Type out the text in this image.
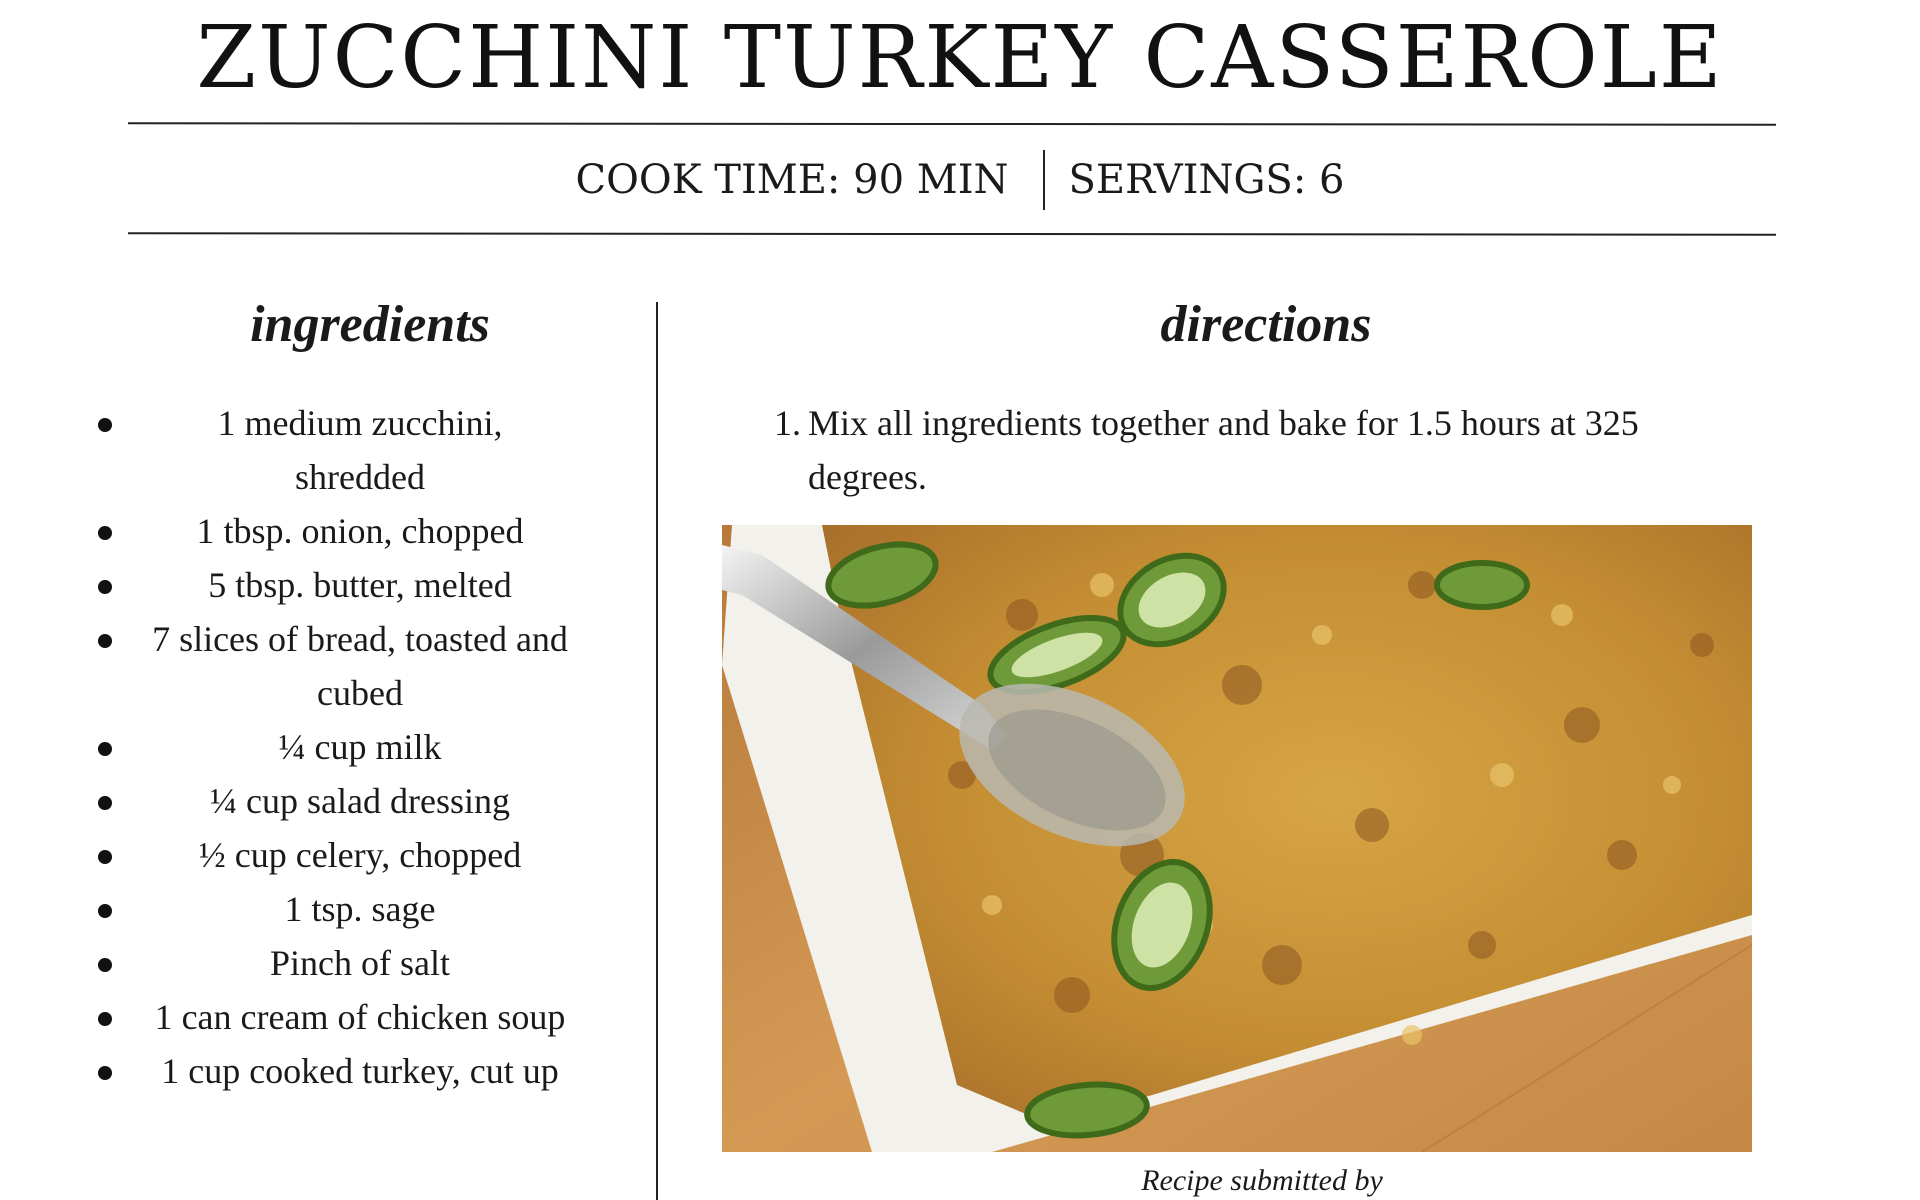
ZUCCHINI TURKEY CASSEROLE
COOK TIME: 90 MIN SERVINGS: 6
ingredients
1 medium zucchini, shredded
1 tbsp. onion, chopped
5 tbsp. butter, melted
7 slices of bread, toasted and cubed
¼ cup milk
¼ cup salad dressing
½ cup celery, chopped
1 tsp. sage
Pinch of salt
1 can cream of chicken soup
1 cup cooked turkey, cut up
directions
1. Mix all ingredients together and bake for 1.5 hours at 325 degrees.
Recipe submitted by
